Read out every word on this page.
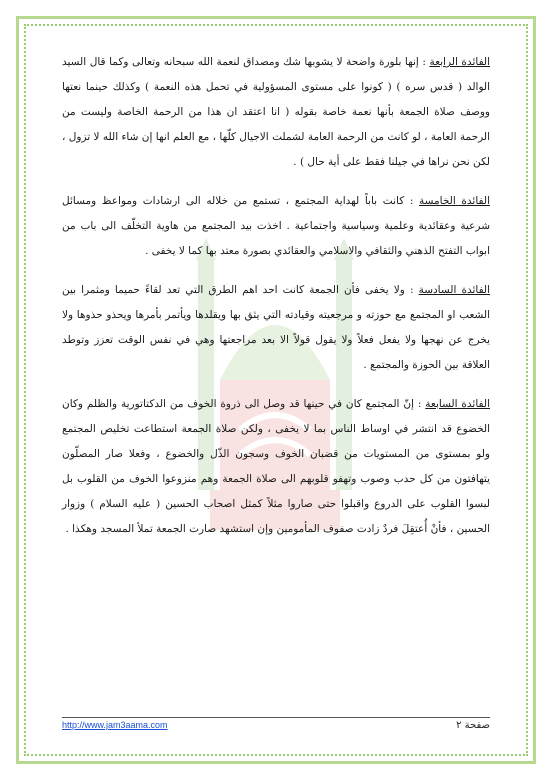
الفائدة الرابعة : إنها بلورة واضحة لا يشوبها شك ومصداق لنعمة الله سبحانه وتعالى وكما قال السيد الوالد ( قدس سره ) ( كونوا على مستوى المسؤولية في تحمل هذه النعمة ) وكذلك حينما نعتها ووصف صلاة الجمعة بأنها نعمة خاصة بقوله ( انا اعتقد ان هذا من الرحمة الخاصة وليست من الرحمة العامة ، لو كانت من الرحمة العامة لشملت الاجيال كلّها ، مع العلم انها إن شاء الله لا تزول ، لكن نحن نراها في جيلنا فقط على أية حال ) .

الفائدة الخامسة : كانت باباً لهداية المجتمع ، تستمع من خلاله الى ارشادات ومواعظ ومسائل شرعية وعقائدية وعلمية وسياسية واجتماعية . اخذت بيد المجتمع من هاوية التخلّف الى باب من ابواب التفتح الذهني والثقافي والاسلامي والعقائدي بصورة معتد بها كما لا يخفى .

الفائدة السادسة : ولا يخفى فأن الجمعة كانت احد اهم الطرق التي تعد لقاءً حميما ومثمرا بين الشعب او المجتمع مع حوزته و مرجعيته وقيادته التي يثق بها ويقلدها ويأتمر بأمرها ويحذو حذوها ولا يخرج عن نهجها ولا يفعل فعلاً ولا يقول قولاً الا بعد مراجعتها وهي في نفس الوقت تعزز وتوطد العلاقة بين الحوزة والمجتمع .

الفائدة السابعة : إنّ المجتمع كان في حينها قد وصل الى ذروة الخوف من الدكتاتورية والظلم وكان الخضوع قد انتشر في اوساط الناس بما لا يخفى ، ولكن صلاة الجمعة استطاعت تخليص المجتمع ولو بمستوى من المستويات من قضبان الخوف وسجون الذّل والخضوع ، وفعلا صار المصلّون يتهافتون من كل حدب وصوب وتهفو قلوبهم الى صلاة الجمعة وهم منزوعوا الخوف من القلوب بل لبسوا القلوب على الدروع واقبلوا حتى صاروا مثلاً كمثل اصحاب الحسين ( عليه السلام ) وزوار الحسين ، فأنْ أُعتقِلَ فردٌ زادت صفوف المأمومين وإن استشهد صارت الجمعة تملأ المسجد وهكذا .

صفحة ٢
http://www.jam3aama.com
